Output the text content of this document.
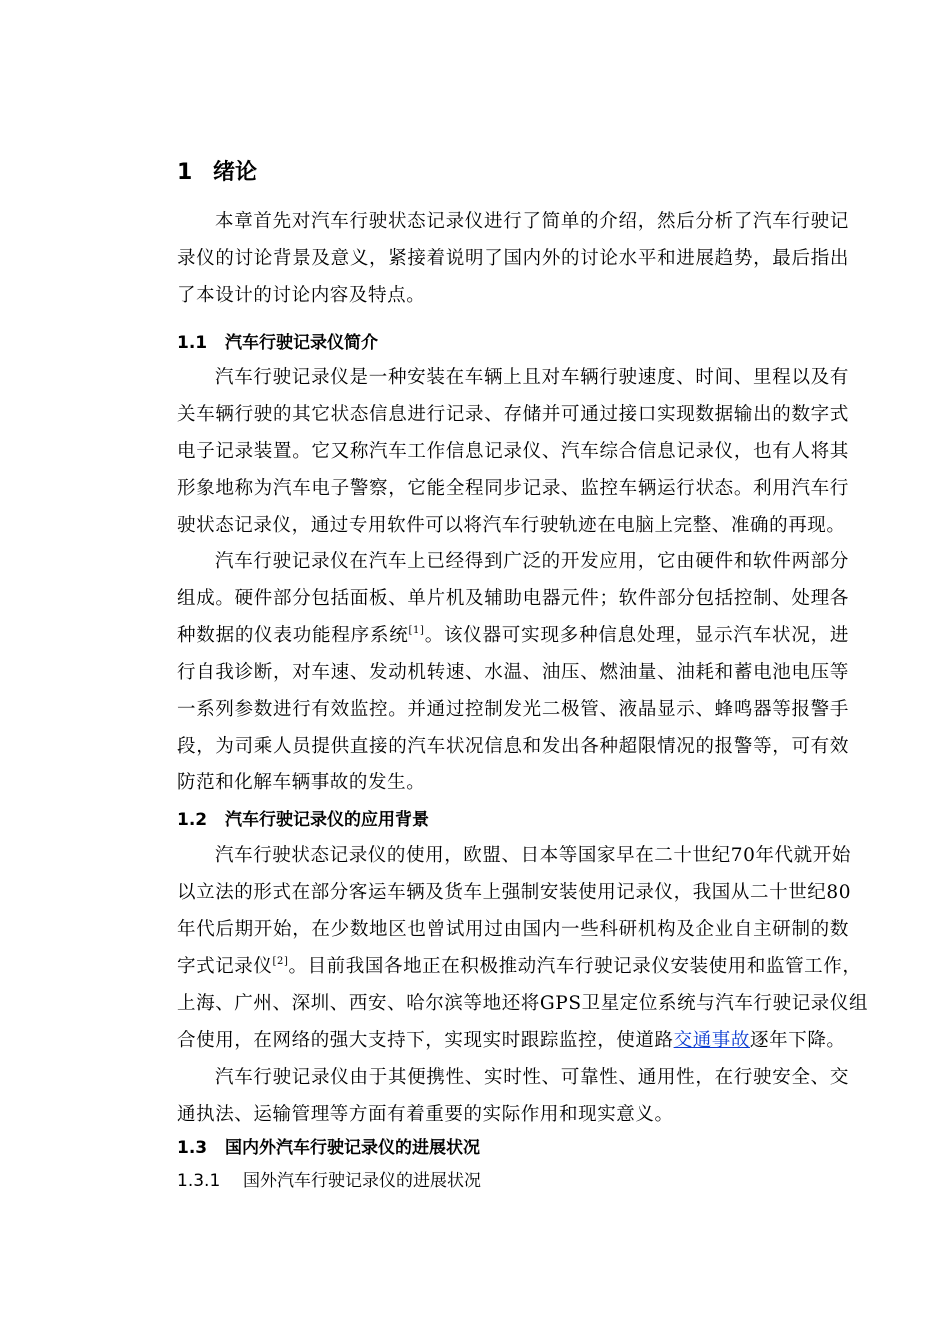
1 绪论
本章首先对汽车行驶状态记录仪进行了简单的介绍，然后分析了汽车行驶记
录仪的讨论背景及意义，紧接着说明了国内外的讨论水平和进展趋势，最后指出
了本设计的讨论内容及特点。
1.1 汽车行驶记录仪简介
汽车行驶记录仪是一种安装在车辆上且对车辆行驶速度、时间、里程以及有
关车辆行驶的其它状态信息进行记录、存储并可通过接口实现数据输出的数字式
电子记录装置。它又称汽车工作信息记录仪、汽车综合信息记录仪，也有人将其
形象地称为汽车电子警察，它能全程同步记录、监控车辆运行状态。利用汽车行
驶状态记录仪，通过专用软件可以将汽车行驶轨迹在电脑上完整、准确的再现。
汽车行驶记录仪在汽车上已经得到广泛的开发应用，它由硬件和软件两部分
组成。硬件部分包括面板、单片机及辅助电器元件；软件部分包括控制、处理各
种数据的仪表功能程序系统[1]。该仪器可实现多种信息处理，显示汽车状况，进
行自我诊断，对车速、发动机转速、水温、油压、燃油量、油耗和蓄电池电压等
一系列参数进行有效监控。并通过控制发光二极管、液晶显示、蜂鸣器等报警手
段，为司乘人员提供直接的汽车状况信息和发出各种超限情况的报警等，可有效
防范和化解车辆事故的发生。
1.2 汽车行驶记录仪的应用背景
汽车行驶状态记录仪的使用，欧盟、日本等国家早在二十世纪70年代就开始
以立法的形式在部分客运车辆及货车上强制安装使用记录仪，我国从二十世纪80
年代后期开始，在少数地区也曾试用过由国内一些科研机构及企业自主研制的数
字式记录仪[2]。目前我国各地正在积极推动汽车行驶记录仪安装使用和监管工作，
上海、广州、深圳、西安、哈尔滨等地还将GPS卫星定位系统与汽车行驶记录仪组
合使用，在网络的强大支持下，实现实时跟踪监控，使道路交通事故逐年下降。
汽车行驶记录仪由于其便携性、实时性、可靠性、通用性，在行驶安全、交
通执法、运输管理等方面有着重要的实际作用和现实意义。
1.3 国内外汽车行驶记录仪的进展状况
1.3.1 国外汽车行驶记录仪的进展状况
